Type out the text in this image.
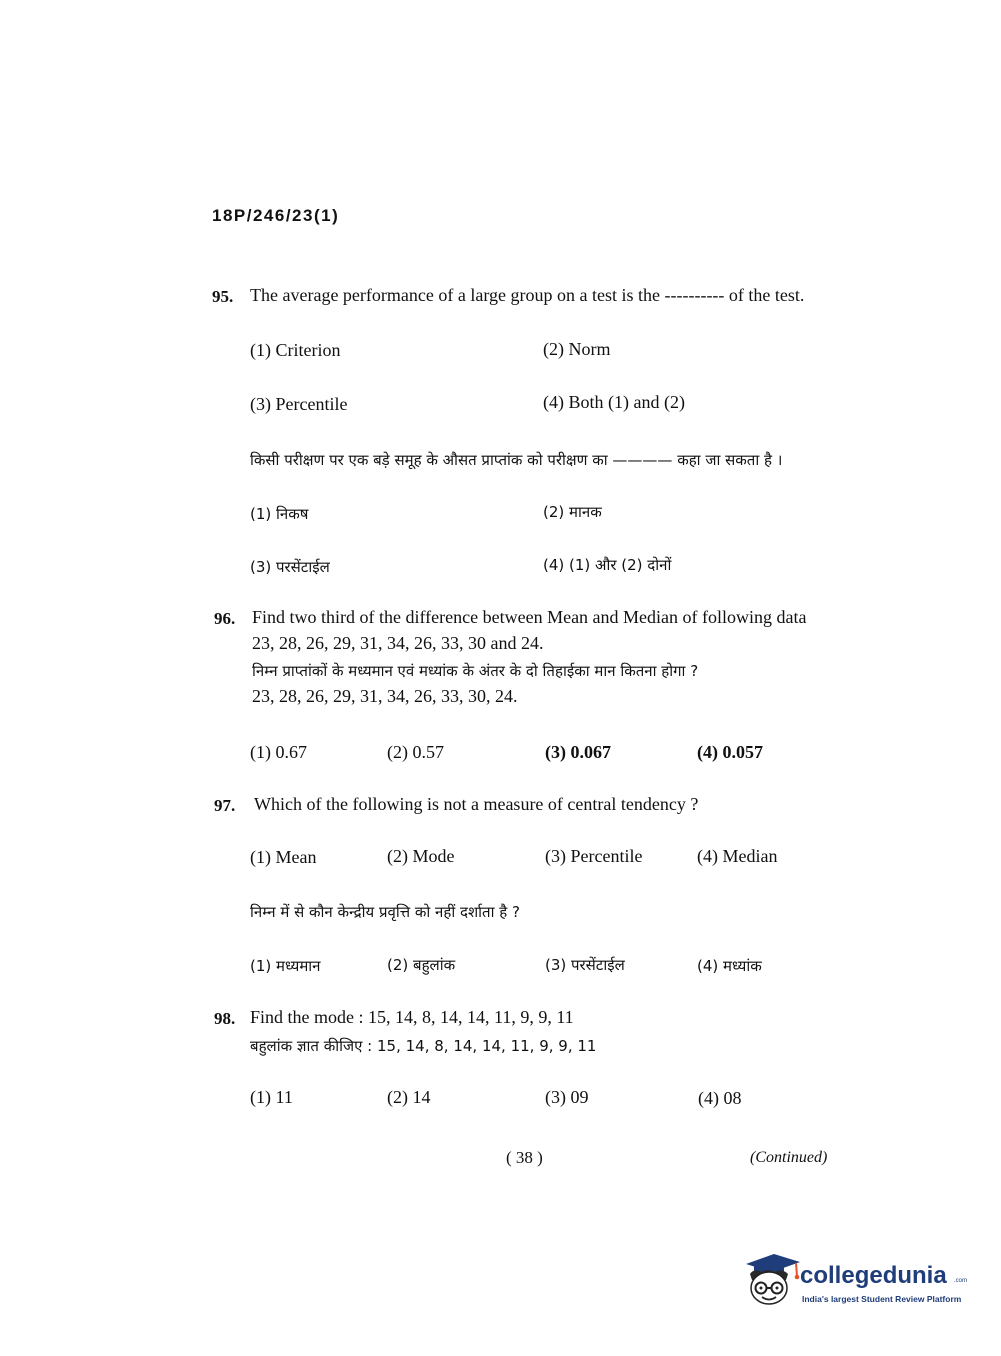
18P/246/23(1)
95. The average performance of a large group on a test is the ---------- of the test.
(1) Criterion	(2) Norm
(3) Percentile	(4) Both (1) and (2)
किसी परीक्षण पर एक बड़े समूह के औसत प्राप्तांक को परीक्षण का ———— कहा जा सकता है ।
(1) निकष	(2) मानक
(3) परसेंटाईल	(4) (1) और (2) दोनों
96. Find two third of the difference between Mean and Median of following data
23, 28, 26, 29, 31, 34, 26, 33, 30 and 24.
निम्न प्राप्तांकों के मध्यमान एवं मध्यांक के अंतर के दो तिहाईका मान कितना होगा ?
23, 28, 26, 29, 31, 34, 26, 33, 30, 24.
(1) 0.67	(2) 0.57	(3) 0.067	(4) 0.057
97. Which of the following is not a measure of central tendency ?
(1) Mean	(2) Mode	(3) Percentile	(4) Median
निम्न में से कौन केन्द्रीय प्रवृत्ति को नहीं दर्शाता है ?
(1) मध्यमान	(2) बहुलांक	(3) परसेंटाईल	(4) मध्यांक
98. Find the mode : 15, 14, 8, 14, 14, 11, 9, 9, 11
बहुलांक ज्ञात कीजिए : 15, 14, 8, 14, 14, 11, 9, 9, 11
(1) 11	(2) 14	(3) 09	(4) 08
( 38 )	(Continued)
collegedunia .com
India's largest Student Review Platform
